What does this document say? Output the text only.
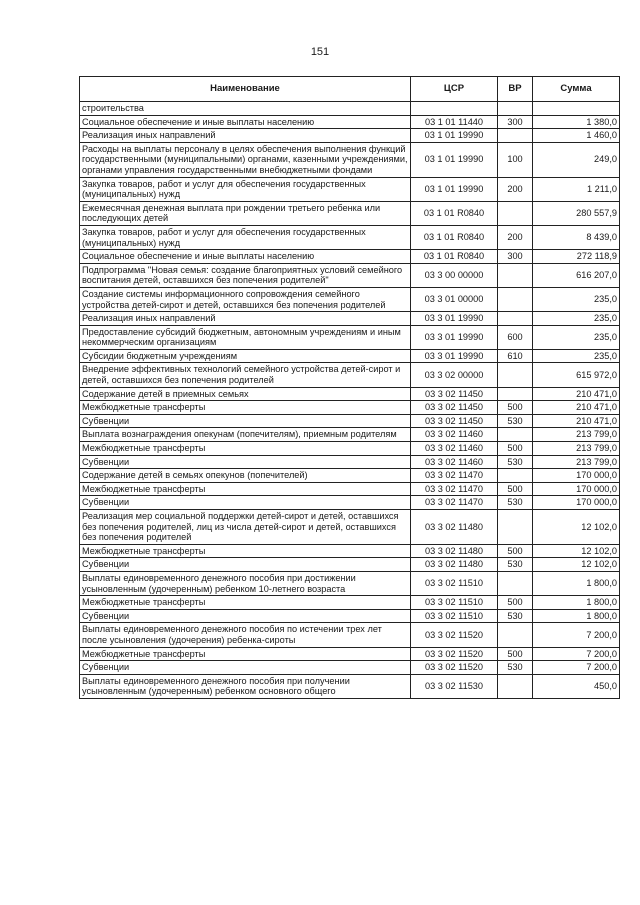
151
Наименование	ЦСР	ВР	Сумма
строительства			
Социальное обеспечение и иные выплаты населению	03 1 01 11440	300	1 380,0
Реализация иных направлений	03 1 01 19990		1 460,0
Расходы на выплаты персоналу в целях обеспечения выполнения функций государственными (муниципальными) органами, казенными учреждениями, органами управления государственными внебюджетными фондами	03 1 01 19990	100	249,0
Закупка товаров, работ и услуг для обеспечения государственных (муниципальных) нужд	03 1 01 19990	200	1 211,0
Ежемесячная денежная выплата при рождении третьего ребенка или последующих детей	03 1 01 R0840		280 557,9
Закупка товаров, работ и услуг для обеспечения государственных (муниципальных) нужд	03 1 01 R0840	200	8 439,0
Социальное обеспечение и иные выплаты населению	03 1 01 R0840	300	272 118,9
Подпрограмма "Новая семья: создание благоприятных условий семейного воспитания детей, оставшихся без попечения родителей"	03 3 00 00000		616 207,0
Создание системы информационного сопровождения семейного устройства детей-сирот и детей, оставшихся без попечения родителей	03 3 01 00000		235,0
Реализация иных направлений	03 3 01 19990		235,0
Предоставление субсидий бюджетным, автономным учреждениям и иным некоммерческим организациям	03 3 01 19990	600	235,0
Субсидии бюджетным учреждениям	03 3 01 19990	610	235,0
Внедрение эффективных технологий семейного устройства детей-сирот и детей, оставшихся без попечения родителей	03 3 02 00000		615 972,0
Содержание детей в приемных семьях	03 3 02 11450		210 471,0
Межбюджетные трансферты	03 3 02 11450	500	210 471,0
Субвенции	03 3 02 11450	530	210 471,0
Выплата вознаграждения опекунам (попечителям), приемным родителям	03 3 02 11460		213 799,0
Межбюджетные трансферты	03 3 02 11460	500	213 799,0
Субвенции	03 3 02 11460	530	213 799,0
Содержание детей в семьях опекунов (попечителей)	03 3 02 11470		170 000,0
Межбюджетные трансферты	03 3 02 11470	500	170 000,0
Субвенции	03 3 02 11470	530	170 000,0
Реализация мер социальной поддержки детей-сирот и детей, оставшихся без попечения родителей, лиц из числа детей-сирот и детей, оставшихся без попечения родителей	03 3 02 11480		12 102,0
Межбюджетные трансферты	03 3 02 11480	500	12 102,0
Субвенции	03 3 02 11480	530	12 102,0
Выплаты единовременного денежного пособия при достижении усыновленным (удочеренным) ребенком 10-летнего возраста	03 3 02 11510		1 800,0
Межбюджетные трансферты	03 3 02 11510	500	1 800,0
Субвенции	03 3 02 11510	530	1 800,0
Выплаты единовременного денежного пособия по истечении трех лет после усыновления (удочерения) ребенка-сироты	03 3 02 11520		7 200,0
Межбюджетные трансферты	03 3 02 11520	500	7 200,0
Субвенции	03 3 02 11520	530	7 200,0
Выплаты единовременного денежного пособия при получении усыновленным (удочеренным) ребенком основного общего	03 3 02 11530		450,0
